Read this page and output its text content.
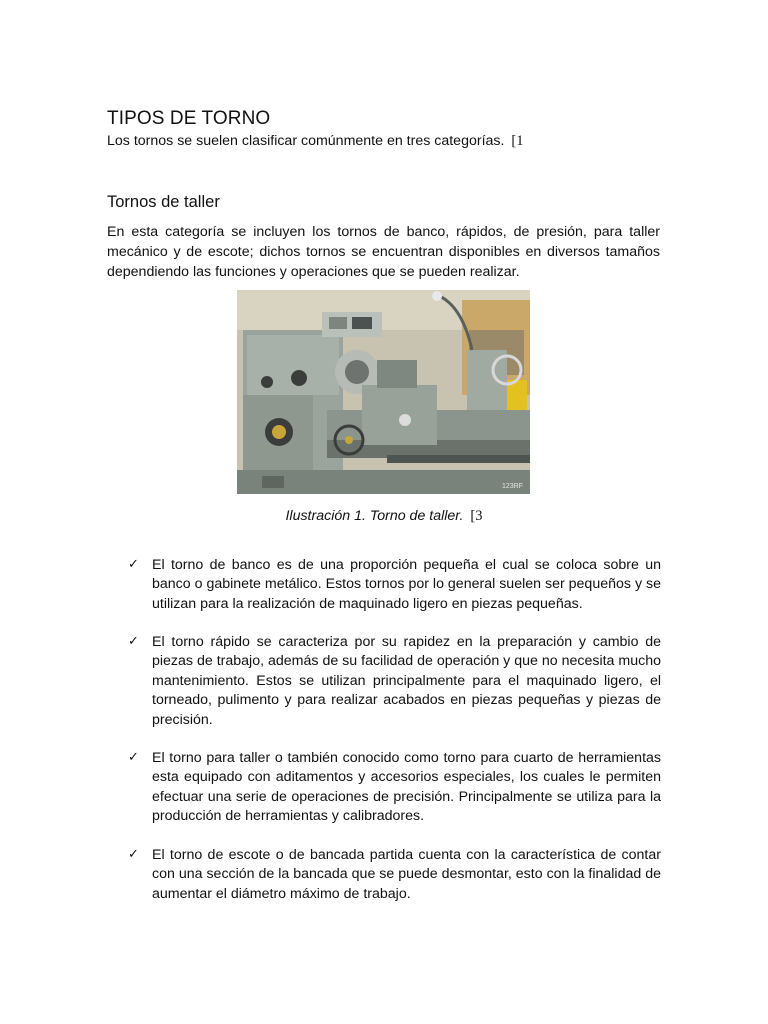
TIPOS DE TORNO

Los tornos se suelen clasificar comúnmente en tres categorías. [1

Tornos de taller

En esta categoría se incluyen los tornos de banco, rápidos, de presión, para taller mecánico y de escote; dichos tornos se encuentran disponibles en diversos tamaños dependiendo las funciones y operaciones que se pueden realizar.

123RF

Ilustración 1. Torno de taller. [3

✓ El torno de banco es de una proporción pequeña el cual se coloca sobre un banco o gabinete metálico. Estos tornos por lo general suelen ser pequeños y se utilizan para la realización de maquinado ligero en piezas pequeñas.
✓ El torno rápido se caracteriza por su rapidez en la preparación y cambio de piezas de trabajo, además de su facilidad de operación y que no necesita mucho mantenimiento. Estos se utilizan principalmente para el maquinado ligero, el torneado, pulimento y para realizar acabados en piezas pequeñas y piezas de precisión.
✓ El torno para taller o también conocido como torno para cuarto de herramientas esta equipado con aditamentos y accesorios especiales, los cuales le permiten efectuar una serie de operaciones de precisión. Principalmente se utiliza para la producción de herramientas y calibradores.
✓ El torno de escote o de bancada partida cuenta con la característica de contar con una sección de la bancada que se puede desmontar, esto con la finalidad de aumentar el diámetro máximo de trabajo.
